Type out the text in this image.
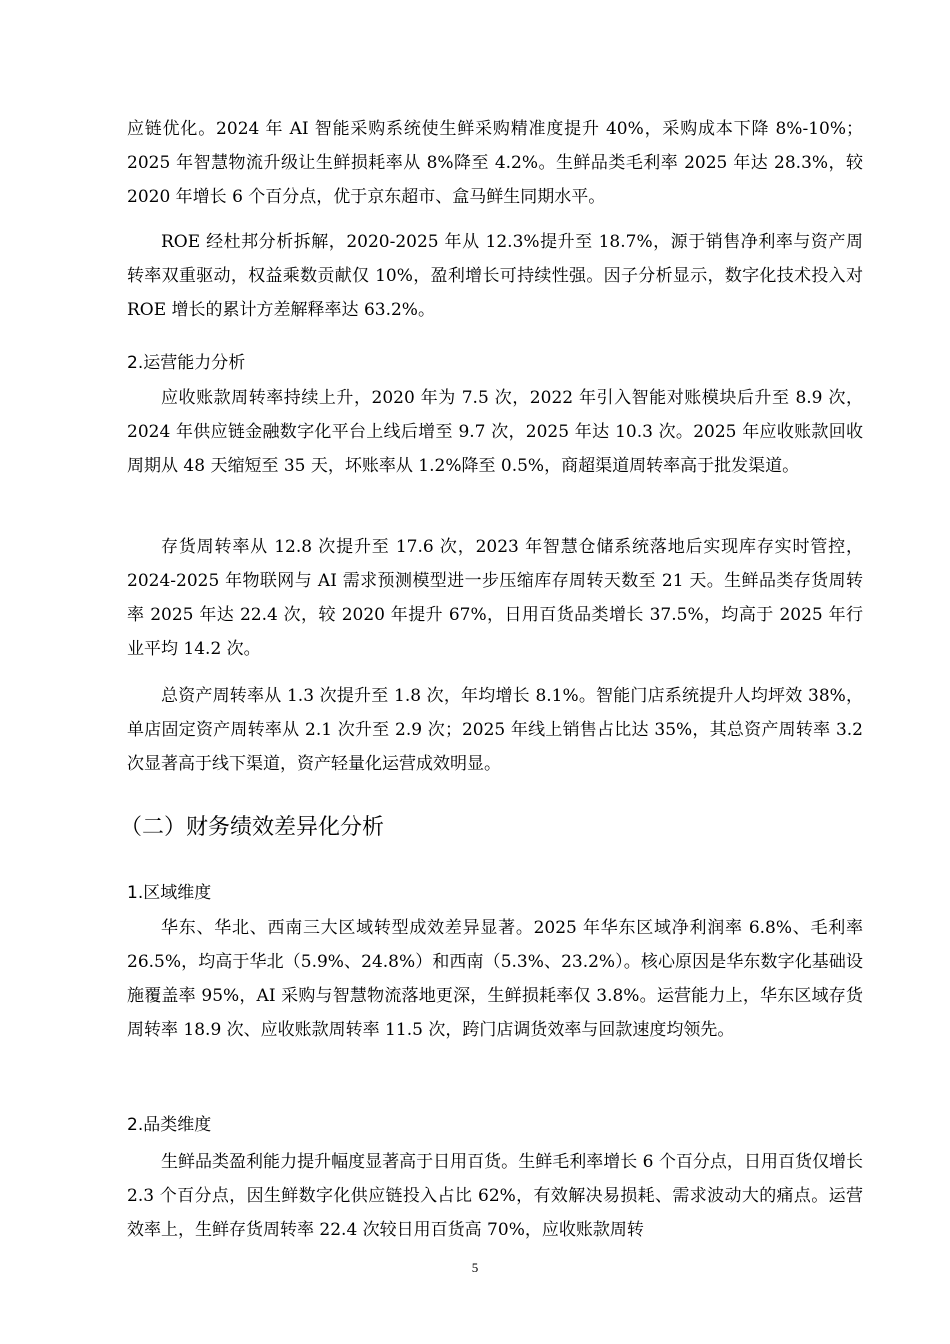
应链优化。2024 年 AI 智能采购系统使生鲜采购精准度提升 40%，采购成本下降 8%-10%；2025 年智慧物流升级让生鲜损耗率从 8%降至 4.2%。生鲜品类毛利率 2025 年达 28.3%，较 2020 年增长 6 个百分点，优于京东超市、盒马鲜生同期水平。

ROE 经杜邦分析拆解，2020-2025 年从 12.3%提升至 18.7%，源于销售净利率与资产周转率双重驱动，权益乘数贡献仅 10%，盈利增长可持续性强。因子分析显示，数字化技术投入对 ROE 增长的累计方差解释率达 63.2%。

2.运营能力分析

应收账款周转率持续上升，2020 年为 7.5 次，2022 年引入智能对账模块后升至 8.9 次，2024 年供应链金融数字化平台上线后增至 9.7 次，2025 年达 10.3 次。2025 年应收账款回收周期从 48 天缩短至 35 天，坏账率从 1.2%降至 0.5%，商超渠道周转率高于批发渠道。

存货周转率从 12.8 次提升至 17.6 次，2023 年智慧仓储系统落地后实现库存实时管控，2024-2025 年物联网与 AI 需求预测模型进一步压缩库存周转天数至 21 天。生鲜品类存货周转率 2025 年达 22.4 次，较 2020 年提升 67%，日用百货品类增长 37.5%，均高于 2025 年行业平均 14.2 次。

总资产周转率从 1.3 次提升至 1.8 次，年均增长 8.1%。智能门店系统提升人均坪效 38%，单店固定资产周转率从 2.1 次升至 2.9 次；2025 年线上销售占比达 35%，其总资产周转率 3.2 次显著高于线下渠道，资产轻量化运营成效明显。

（二）财务绩效差异化分析
1.区域维度

华东、华北、西南三大区域转型成效差异显著。2025 年华东区域净利润率 6.8%、毛利率 26.5%，均高于华北（5.9%、24.8%）和西南（5.3%、23.2%）。核心原因是华东数字化基础设施覆盖率 95%，AI 采购与智慧物流落地更深，生鲜损耗率仅 3.8%。运营能力上，华东区域存货周转率 18.9 次、应收账款周转率 11.5 次，跨门店调货效率与回款速度均领先。

2.品类维度

生鲜品类盈利能力提升幅度显著高于日用百货。生鲜毛利率增长 6 个百分点，日用百货仅增长 2.3 个百分点，因生鲜数字化供应链投入占比 62%，有效解决易损耗、需求波动大的痛点。运营效率上，生鲜存货周转率 22.4 次较日用百货高 70%，应收账款周转

5
